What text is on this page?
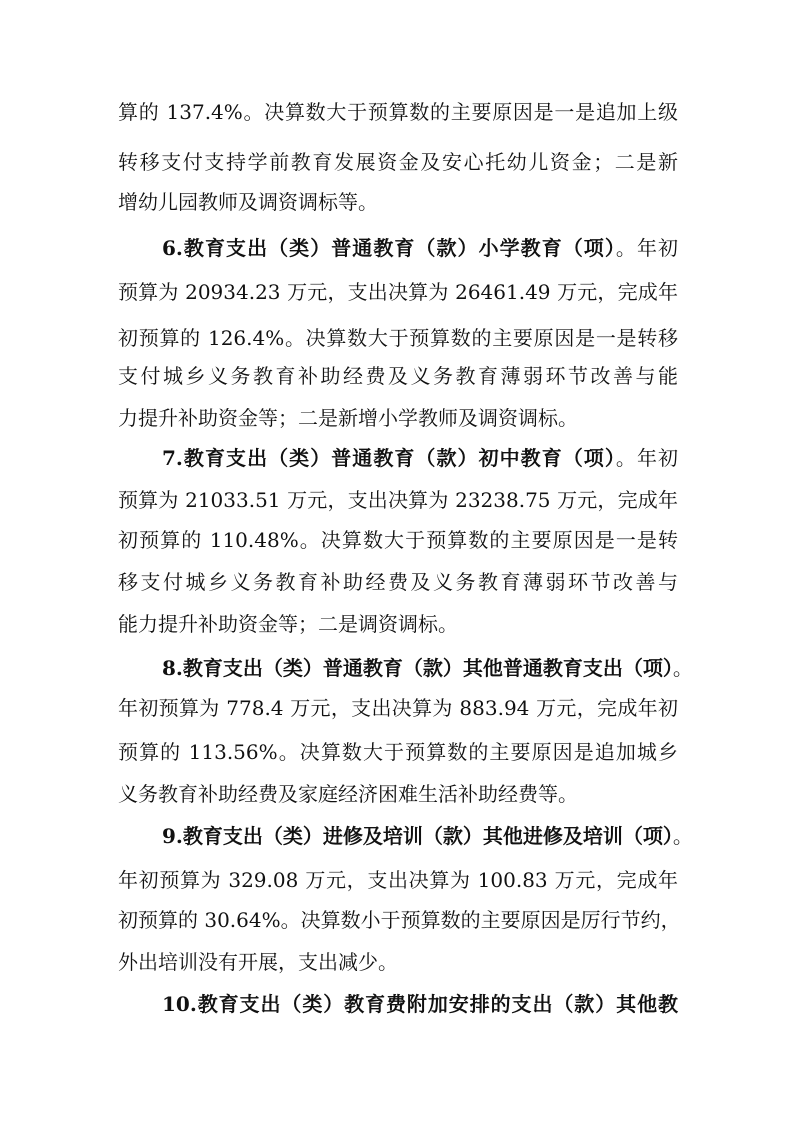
算的 137.4%。决算数大于预算数的主要原因是一是追加上级
转移支付支持学前教育发展资金及安心托幼儿资金；二是新
增幼儿园教师及调资调标等。
6.教育支出（类）普通教育（款）小学教育（项）。年初
预算为 20934.23 万元，支出决算为 26461.49 万元，完成年
初预算的 126.4%。决算数大于预算数的主要原因是一是转移
支付城乡义务教育补助经费及义务教育薄弱环节改善与能
力提升补助资金等；二是新增小学教师及调资调标。
7.教育支出（类）普通教育（款）初中教育（项）。年初
预算为 21033.51 万元，支出决算为 23238.75 万元，完成年
初预算的 110.48%。决算数大于预算数的主要原因是一是转
移支付城乡义务教育补助经费及义务教育薄弱环节改善与
能力提升补助资金等；二是调资调标。
8.教育支出（类）普通教育（款）其他普通教育支出（项）。
年初预算为 778.4 万元，支出决算为 883.94 万元，完成年初
预算的 113.56%。决算数大于预算数的主要原因是追加城乡
义务教育补助经费及家庭经济困难生活补助经费等。
9.教育支出（类）进修及培训（款）其他进修及培训（项）。
年初预算为 329.08 万元，支出决算为 100.83 万元，完成年
初预算的 30.64%。决算数小于预算数的主要原因是厉行节约，
外出培训没有开展，支出减少。
10.教育支出（类）教育费附加安排的支出（款）其他教
